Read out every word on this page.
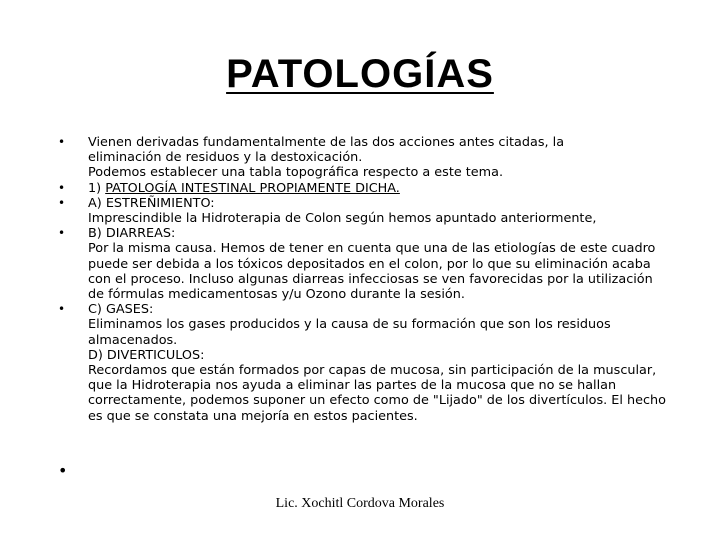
PATOLOGÍAS
• Vienen derivadas fundamentalmente de las dos acciones antes citadas, la
eliminación de residuos y la destoxicación.
Podemos establecer una tabla topográfica respecto a este tema.
• 1) PATOLOGÍA INTESTINAL PROPIAMENTE DICHA.
• A) ESTREÑIMIENTO:
Imprescindible la Hidroterapia de Colon según hemos apuntado anteriormente,
• B) DIARREAS:
Por la misma causa. Hemos de tener en cuenta que una de las etiologías de este cuadro puede ser debida a los tóxicos depositados en el colon, por lo que su eliminación acaba con el proceso. Incluso algunas diarreas infecciosas se ven favorecidas por la utilización de fórmulas medicamentosas y/u Ozono durante la sesión.
• C) GASES:
Eliminamos los gases producidos y la causa de su formación que son los residuos almacenados.
D) DIVERTICULOS:
Recordamos que están formados por capas de mucosa, sin participación de la muscular, que la Hidroterapia nos ayuda a eliminar las partes de la mucosa que no se hallan correctamente, podemos suponer un efecto como de "Lijado" de los divertículos. El hecho es que se constata una mejoría en estos pacientes.
•
Lic. Xochitl Cordova Morales
